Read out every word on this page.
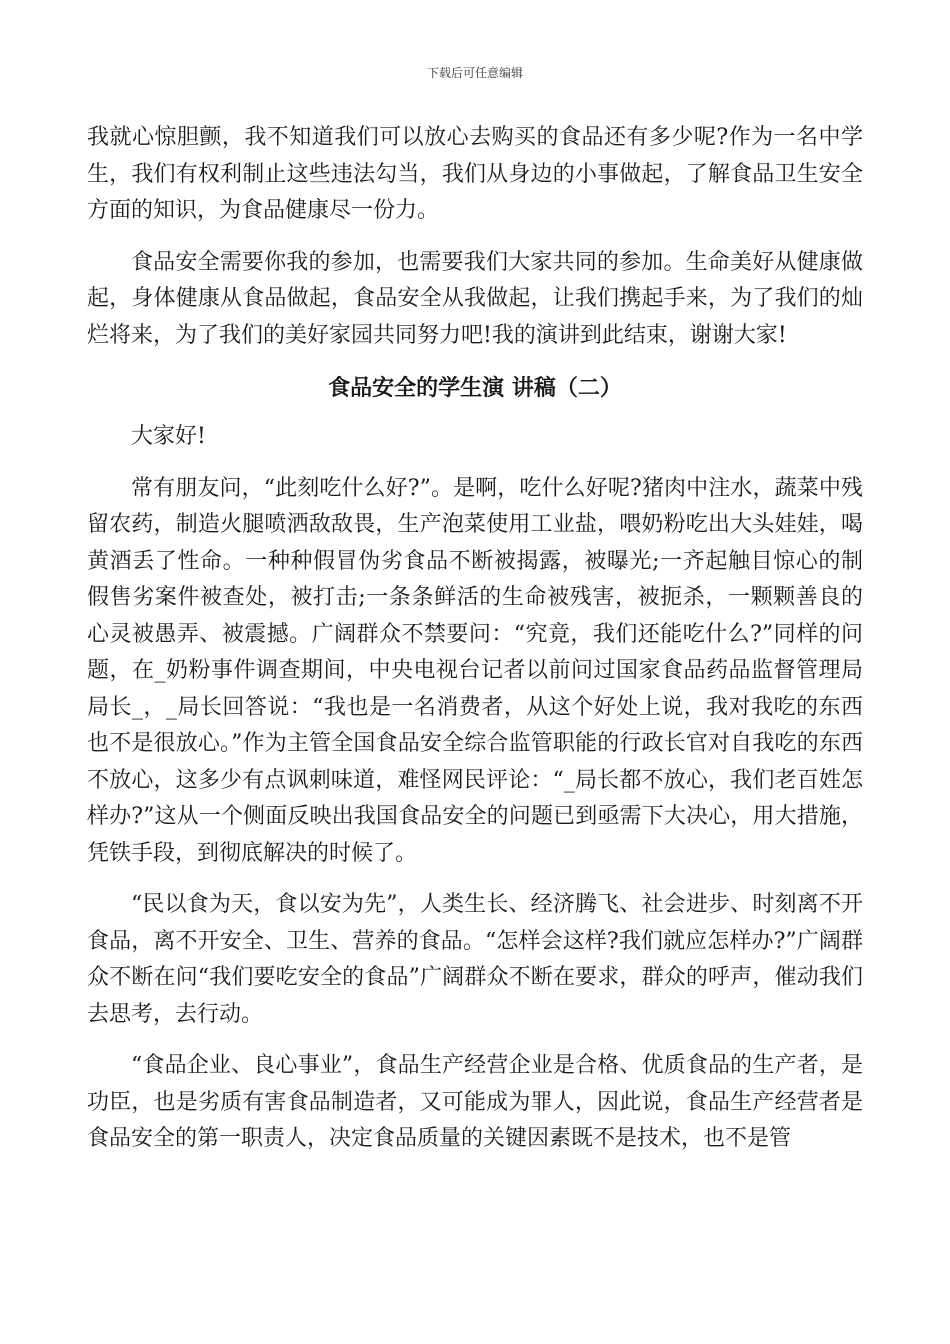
下载后可任意编辑

我就心惊胆颤，我不知道我们可以放心去购买的食品还有多少呢?作为一名中学生，我们有权利制止这些违法勾当，我们从身边的小事做起，了解食品卫生安全方面的知识，为食品健康尽一份力。

食品安全需要你我的参加，也需要我们大家共同的参加。生命美好从健康做起，身体健康从食品做起，食品安全从我做起，让我们携起手来，为了我们的灿烂将来，为了我们的美好家园共同努力吧!我的演讲到此结束，谢谢大家!

食品安全的学生演 讲稿（二）

大家好!

常有朋友问，“此刻吃什么好?”。是啊，吃什么好呢?猪肉中注水，蔬菜中残留农药，制造火腿喷洒敌敌畏，生产泡菜使用工业盐，喂奶粉吃出大头娃娃，喝黄酒丢了性命。一种种假冒伪劣食品不断被揭露，被曝光;一齐起触目惊心的制假售劣案件被查处，被打击;一条条鲜活的生命被残害，被扼杀，一颗颗善良的心灵被愚弄、被震撼。广阔群众不禁要问：“究竟，我们还能吃什么?”同样的问题，在_奶粉事件调查期间，中央电视台记者以前问过国家食品药品监督管理局局长_，_局长回答说：“我也是一名消费者，从这个好处上说，我对我吃的东西也不是很放心。”作为主管全国食品安全综合监管职能的行政长官对自我吃的东西不放心，这多少有点讽刺味道，难怪网民评论：“_局长都不放心，我们老百姓怎样办?”这从一个侧面反映出我国食品安全的问题已到亟需下大决心，用大措施，凭铁手段，到彻底解决的时候了。

“民以食为天，食以安为先”，人类生长、经济腾飞、社会进步、时刻离不开食品，离不开安全、卫生、营养的食品。“怎样会这样?我们就应怎样办?”广阔群众不断在问“我们要吃安全的食品”广阔群众不断在要求，群众的呼声，催动我们去思考，去行动。

“食品企业、良心事业”，食品生产经营企业是合格、优质食品的生产者，是功臣，也是劣质有害食品制造者，又可能成为罪人，因此说，食品生产经营者是食品安全的第一职责人，决定食品质量的关键因素既不是技术，也不是管
